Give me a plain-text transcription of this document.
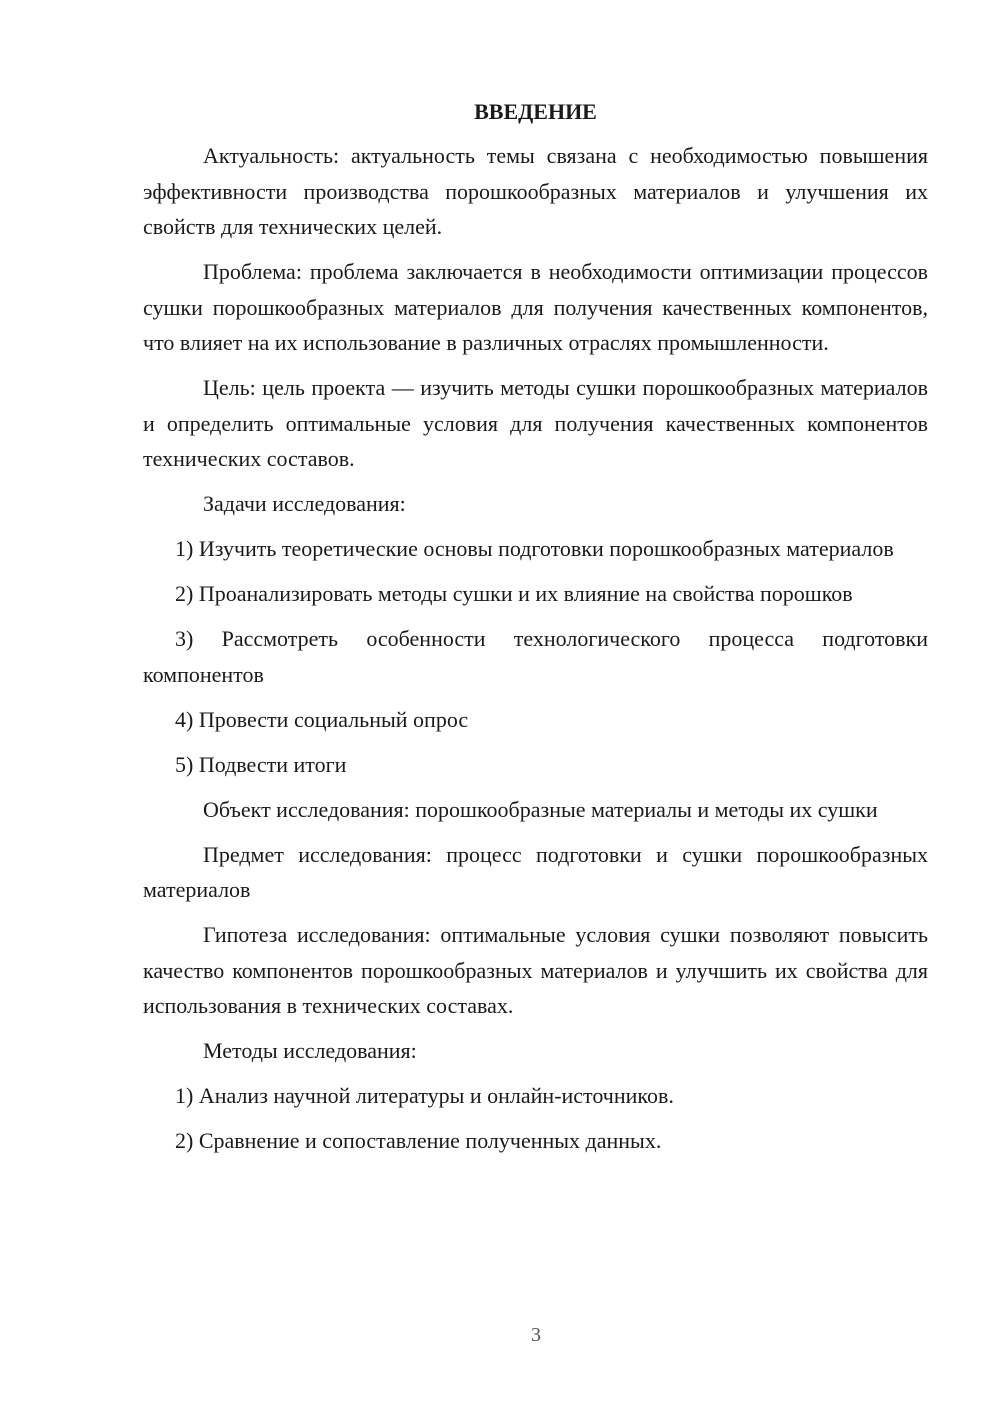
ВВЕДЕНИЕ

Актуальность: актуальность темы связана с необходимостью повышения эффективности производства порошкообразных материалов и улучшения их свойств для технических целей.

Проблема: проблема заключается в необходимости оптимизации процессов сушки порошкообразных материалов для получения качественных компонентов, что влияет на их использование в различных отраслях промышленности.

Цель: цель проекта — изучить методы сушки порошкообразных материалов и определить оптимальные условия для получения качественных компонентов технических составов.

Задачи исследования:

1) Изучить теоретические основы подготовки порошкообразных материалов

2) Проанализировать методы сушки и их влияние на свойства порошков

3) Рассмотреть особенности технологического процесса подготовки компонентов

4) Провести социальный опрос

5) Подвести итоги

Объект исследования: порошкообразные материалы и методы их сушки

Предмет исследования: процесс подготовки и сушки порошкообразных материалов

Гипотеза исследования: оптимальные условия сушки позволяют повысить качество компонентов порошкообразных материалов и улучшить их свойства для использования в технических составах.

Методы исследования:

1) Анализ научной литературы и онлайн-источников.

2) Сравнение и сопоставление полученных данных.

3
